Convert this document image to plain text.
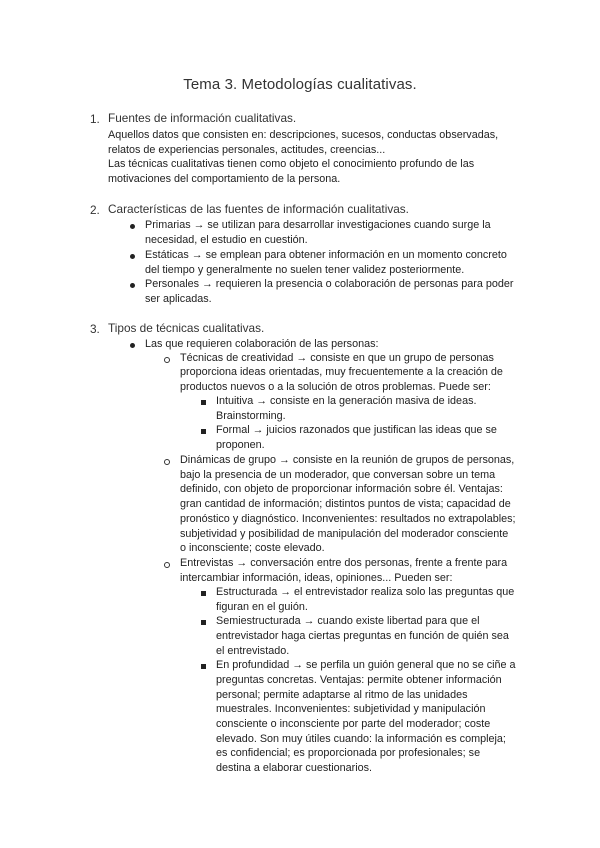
Tema 3. Metodologías cualitativas.
1. Fuentes de información cualitativas.
Aquellos datos que consisten en: descripciones, sucesos, conductas observadas,
relatos de experiencias personales, actitudes, creencias...
Las técnicas cualitativas tienen como objeto el conocimiento profundo de las
motivaciones del comportamiento de la persona.
2. Características de las fuentes de información cualitativas.
Primarias → se utilizan para desarrollar investigaciones cuando surge la
necesidad, el estudio en cuestión.
Estáticas → se emplean para obtener información en un momento concreto
del tiempo y generalmente no suelen tener validez posteriormente.
Personales → requieren la presencia o colaboración de personas para poder
ser aplicadas.
3. Tipos de técnicas cualitativas.
Las que requieren colaboración de las personas:
Técnicas de creatividad → consiste en que un grupo de personas
proporciona ideas orientadas, muy frecuentemente a la creación de
productos nuevos o a la solución de otros problemas. Puede ser:
Intuitiva → consiste en la generación masiva de ideas.
Brainstorming.
Formal → juicios razonados que justifican las ideas que se
proponen.
Dinámicas de grupo → consiste en la reunión de grupos de personas,
bajo la presencia de un moderador, que conversan sobre un tema
definido, con objeto de proporcionar información sobre él. Ventajas:
gran cantidad de información; distintos puntos de vista; capacidad de
pronóstico y diagnóstico. Inconvenientes: resultados no extrapolables;
subjetividad y posibilidad de manipulación del moderador consciente
o inconsciente; coste elevado.
Entrevistas → conversación entre dos personas, frente a frente para
intercambiar información, ideas, opiniones... Pueden ser:
Estructurada → el entrevistador realiza solo las preguntas que
figuran en el guión.
Semiestructurada → cuando existe libertad para que el
entrevistador haga ciertas preguntas en función de quién sea
el entrevistado.
En profundidad → se perfila un guión general que no se ciñe a
preguntas concretas. Ventajas: permite obtener información
personal; permite adaptarse al ritmo de las unidades
muestrales. Inconvenientes: subjetividad y manipulación
consciente o inconsciente por parte del moderador; coste
elevado. Son muy útiles cuando: la información es compleja;
es confidencial; es proporcionada por profesionales; se
destina a elaborar cuestionarios.
